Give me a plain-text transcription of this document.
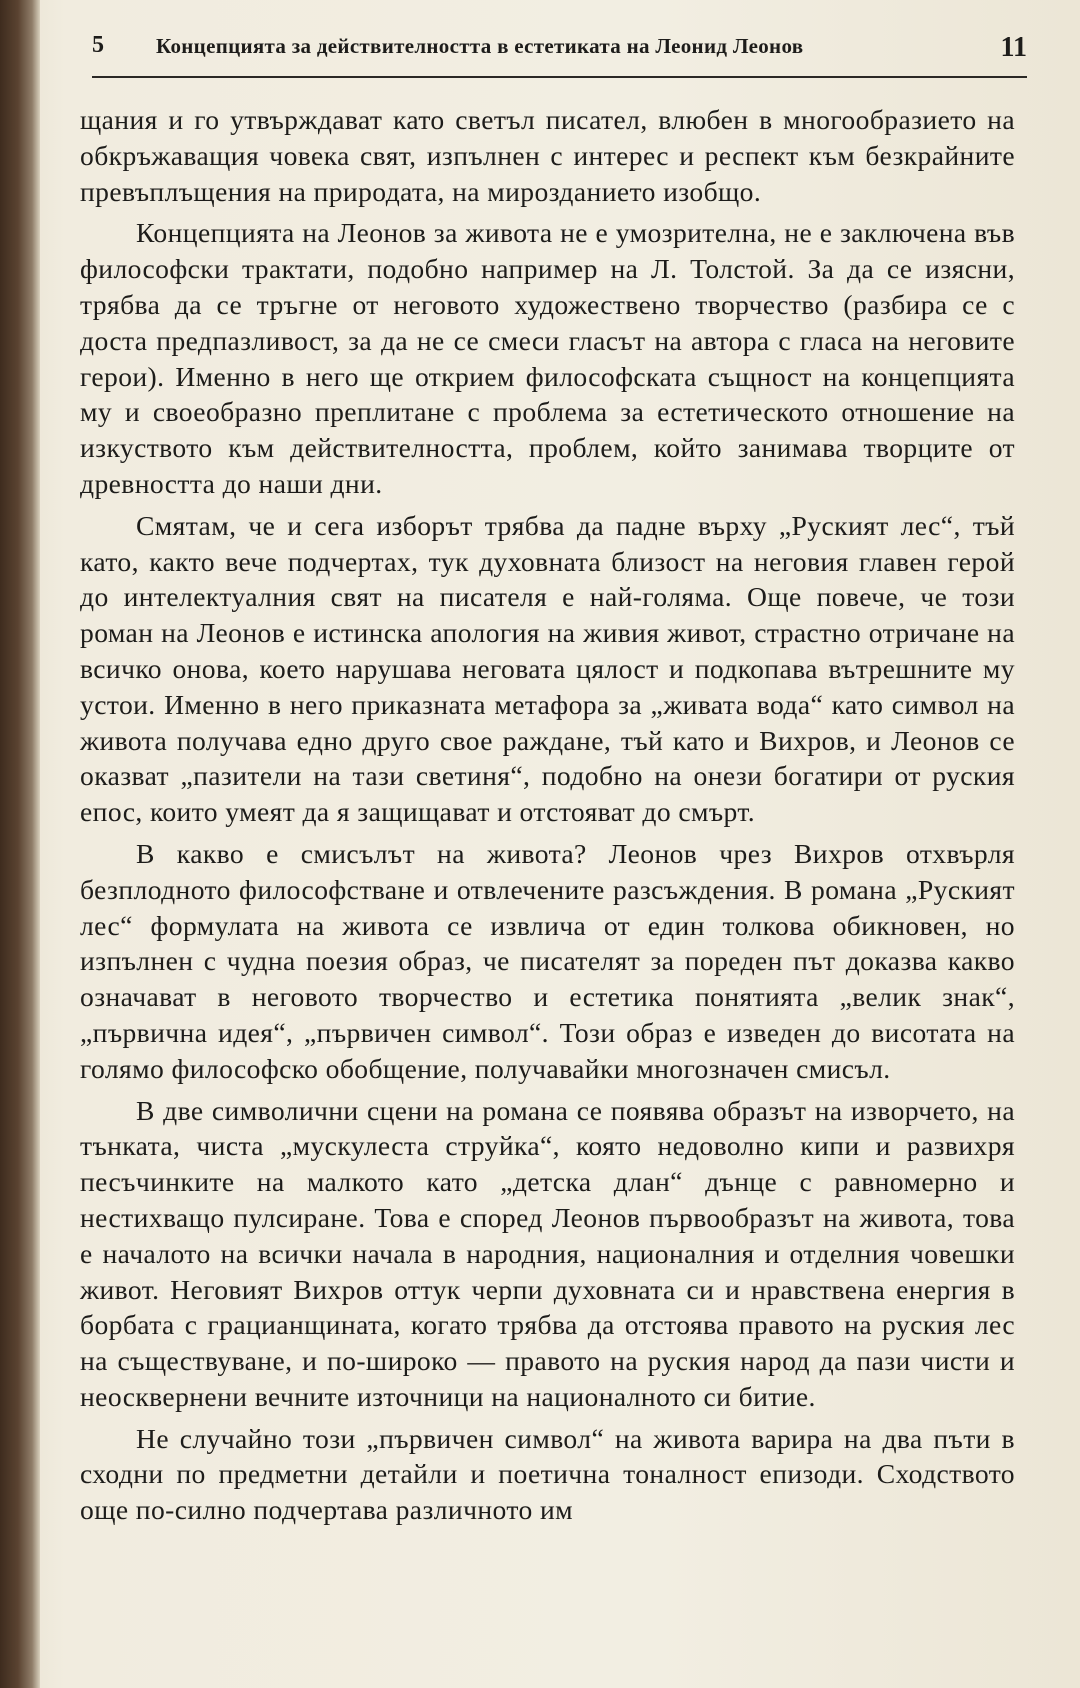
5 Концепцията за действителността в естетиката на Леонид Леонов	11

щания и го утвърждават като светъл писател, влюбен в многообразието на обкръжаващия човека свят, изпълнен с интерес и респект към безкрайните превъплъщения на природата, на мирозданието изобщо.

Концепцията на Леонов за живота не е умозрителна, не е заключена във философски трактати, подобно например на Л. Толстой. За да се изясни, трябва да се тръгне от неговото художествено творчество (разбира се с доста предпазливост, за да не се смеси гласът на автора с гласа на неговите герои). Именно в него ще открием философската същност на концепцията му и своеобразно преплитане с проблема за естетическото отношение на изкуството към действителността, проблем, който занимава творците от древността до наши дни.

Смятам, че и сега изборът трябва да падне върху „Руският лес“, тъй като, както вече подчертах, тук духовната близост на неговия главен герой до интелектуалния свят на писателя е най-голяма. Още повече, че този роман на Леонов е истинска апология на живия живот, страстно отричане на всичко онова, което нарушава неговата цялост и подкопава вътрешните му устои. Именно в него приказната метафора за „живата вода“ като символ на живота получава едно друго свое раждане, тъй като и Вихров, и Леонов се оказват „пазители на тази светиня“, подобно на онези богатири от руския епос, които умеят да я защищават и отстояват до смърт.

В какво е смисълът на живота? Леонов чрез Вихров отхвърля безплодното философстване и отвлечените разсъждения. В романа „Руският лес“ формулата на живота се извлича от един толкова обикновен, но изпълнен с чудна поезия образ, че писателят за пореден път доказва какво означават в неговото творчество и естетика понятията „велик знак“, „първична идея“, „първичен символ“. Този образ е изведен до висотата на голямо философско обобщение, получавайки многозначен смисъл.

В две символични сцени на романа се появява образът на изворчето, на тънката, чиста „мускулеста струйка“, която недоволно кипи и развихря песъчинките на малкото като „детска длан“ дънце с равномерно и нестихващо пулсиране. Това е според Леонов първообразът на живота, това е началото на всички начала в народния, националния и отделния човешки живот. Неговият Вихров оттук черпи духовната си и нравствена енергия в борбата с грацианщината, когато трябва да отстоява правото на руския лес на съществуване, и по-широко — правото на руския народ да пази чисти и неосквернени вечните източници на националното си битие.

Не случайно този „първичен символ“ на живота варира на два пъти в сходни по предметни детайли и поетична тоналност епизоди. Сходството още по-силно подчертава различното им
